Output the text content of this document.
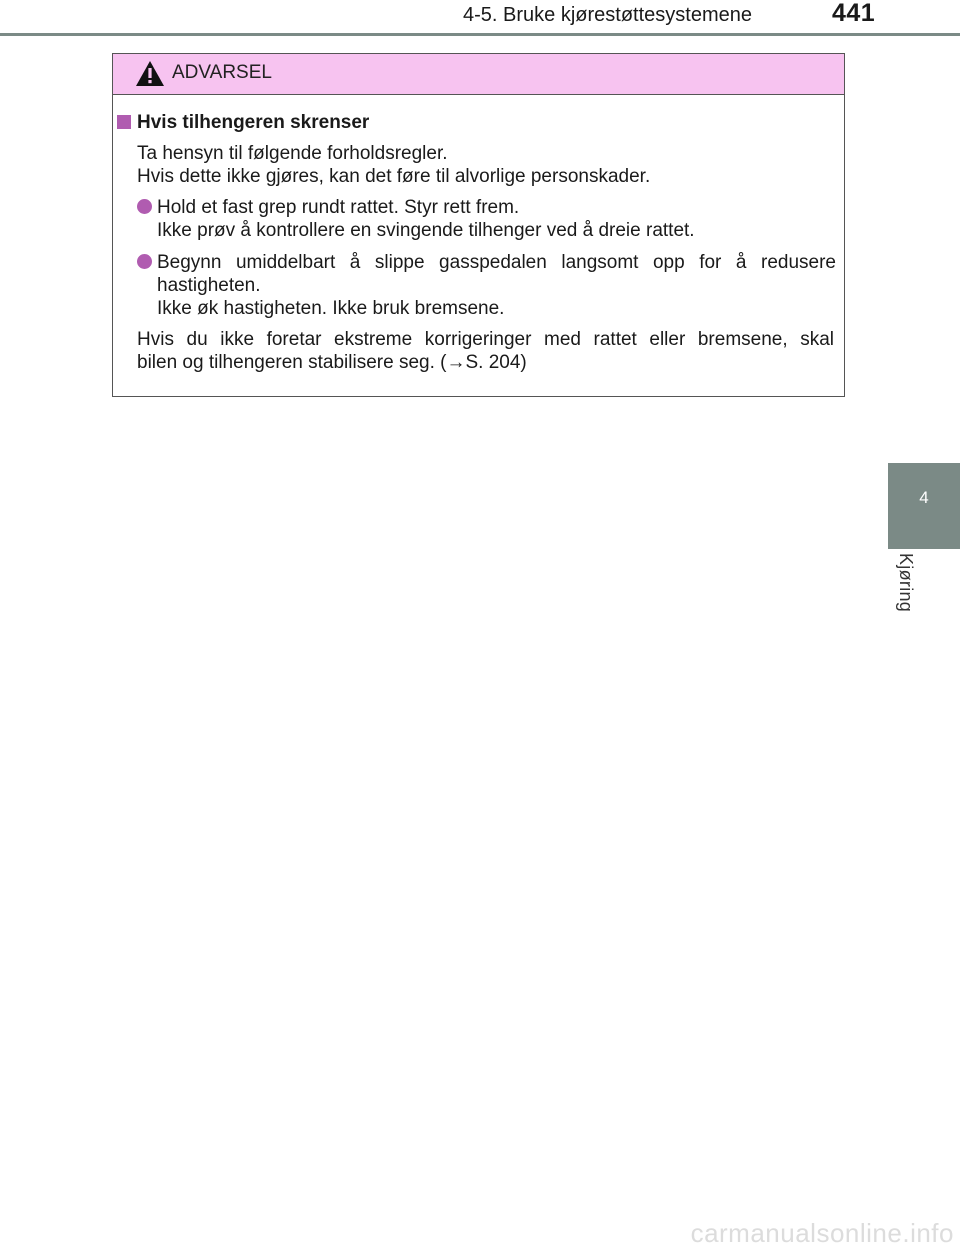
4-5. Bruke kjørestøttesystemene	441
4
Kjøring
ADVARSEL
Hvis tilhengeren skrenser
Ta hensyn til følgende forholdsregler.
Hvis dette ikke gjøres, kan det føre til alvorlige personskader.
Hold et fast grep rundt rattet. Styr rett frem.
Ikke prøv å kontrollere en svingende tilhenger ved å dreie rattet.
Begynn umiddelbart å slippe gasspedalen langsomt opp for å redusere
hastigheten.
Ikke øk hastigheten. Ikke bruk bremsene.
Hvis du ikke foretar ekstreme korrigeringer med rattet eller bremsene, skal
bilen og tilhengeren stabilisere seg. (→S. 204)
carmanualsonline.info
